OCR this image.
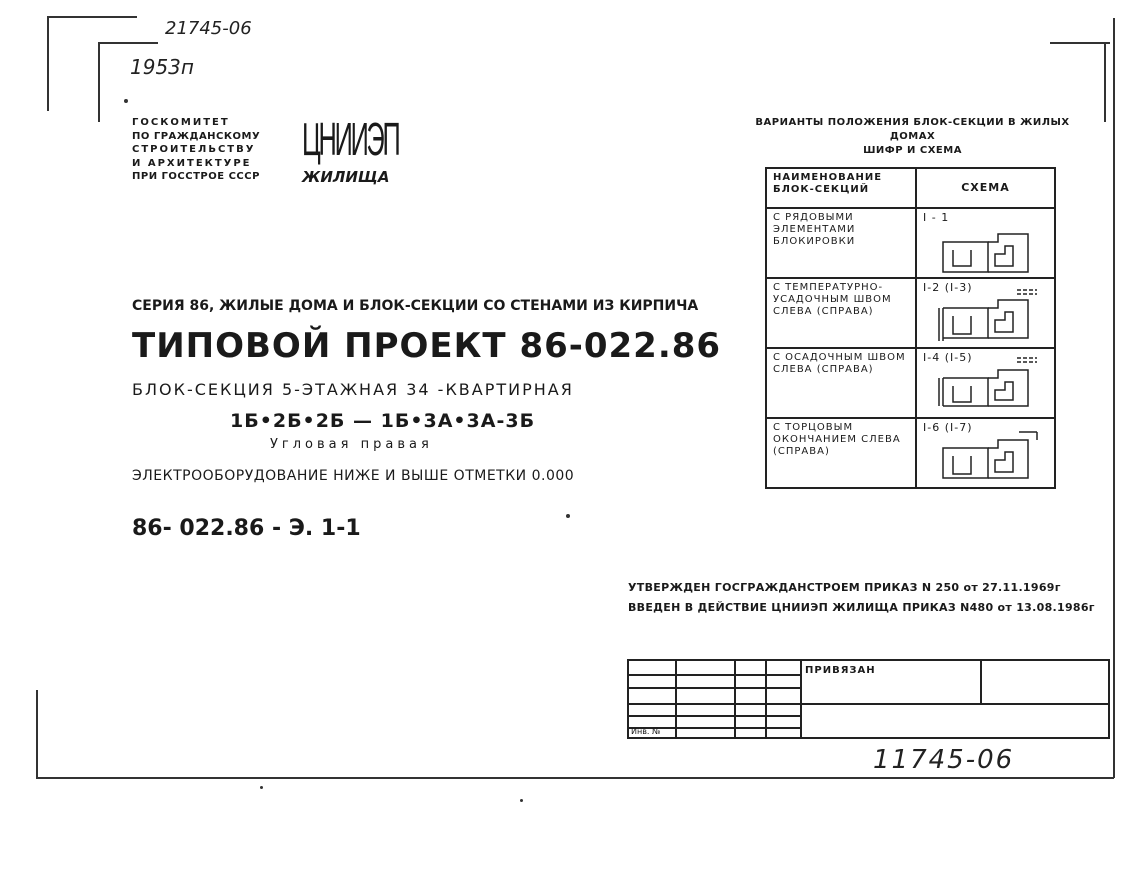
21745-06
1953п
11745-06
ГОСКОМИТЕТ
ПО ГРАЖДАНСКОМУ
СТРОИТЕЛЬСТВУ
И АРХИТЕКТУРЕ
ПРИ ГОССТРОЕ СССР
ЦНИИЭП
ЖИЛИЩА
СЕРИЯ 86, ЖИЛЫЕ ДОМА И БЛОК-СЕКЦИИ СО СТЕНАМИ ИЗ КИРПИЧА
ТИПОВОЙ ПРОЕКТ 86-022.86
БЛОК-СЕКЦИЯ 5-ЭТАЖНАЯ 34 -КВАРТИРНАЯ
1Б•2Б•2Б — 1Б•3А•3А-3Б
Угловая правая
ЭЛЕКТРООБОРУДОВАНИЕ НИЖЕ И ВЫШЕ ОТМЕТКИ 0.000
86- 022.86 - Э. 1-1
ВАРИАНТЫ ПОЛОЖЕНИЯ БЛОК-СЕКЦИИ В ЖИЛЫХ ДОМАХ
ШИФР И СХЕМА
НАИМЕНОВАНИЕ БЛОК-СЕКЦИЙ	СХЕМА
С РЯДОВЫМИ ЭЛЕМЕНТАМИ БЛОКИРОВКИ	I - 1

С ТЕМПЕРАТУРНО-УСАДОЧНЫМ ШВОМ СЛЕВА (СПРАВА)	I-2 (I-3)

С ОСАДОЧНЫМ ШВОМ СЛЕВА (СПРАВА)	I-4 (I-5)

С ТОРЦОВЫМ ОКОНЧАНИЕМ СЛЕВА (СПРАВА)	I-6 (I-7)
УТВЕРЖДЕН ГОСГРАЖДАНСТРОЕМ ПРИКАЗ N 250 от 27.11.1969г
ВВЕДЕН В ДЕЙСТВИЕ ЦНИИЭП ЖИЛИЩА ПРИКАЗ N480 от 13.08.1986г
ПРИВЯЗАН
Инв. №
